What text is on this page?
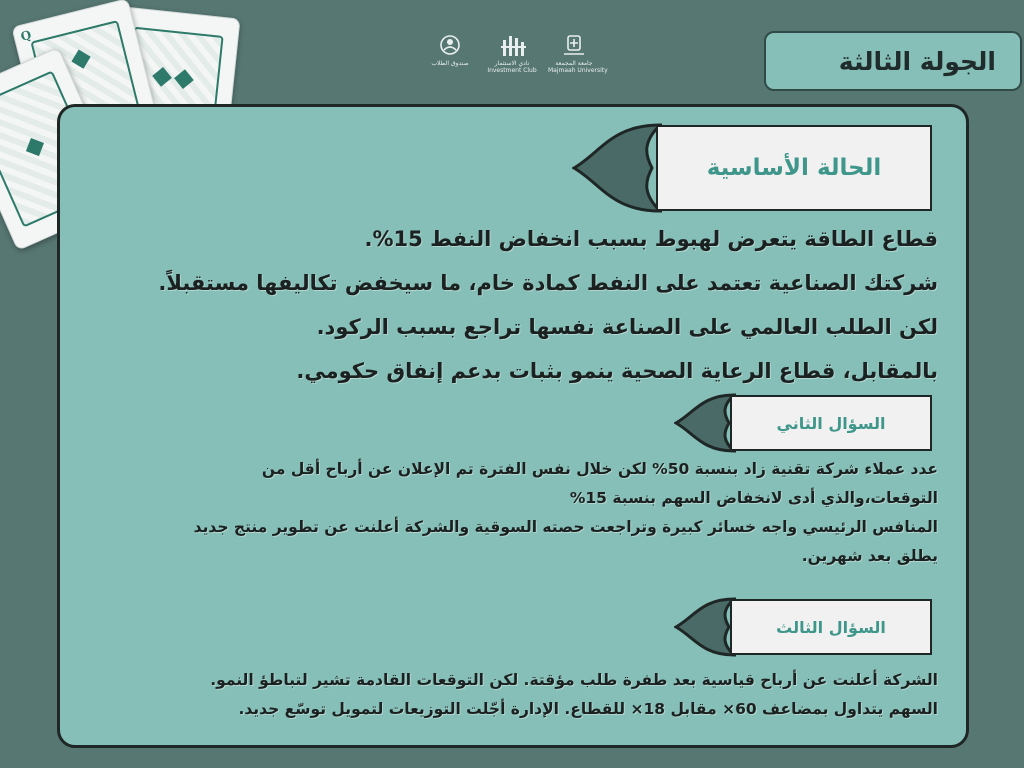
Q
جامعة المجمعة
Majmaah University
نادي الاستثمار
Investment Club
صندوق الطلاب	الجولة الثالثة
الحالة الأساسية
قطاع الطاقة يتعرض لهبوط بسبب انخفاض النفط 15%.
شركتك الصناعية تعتمد على النفط كمادة خام، ما سيخفض تكاليفها مستقبلاً.
لكن الطلب العالمي على الصناعة نفسها تراجع بسبب الركود.
بالمقابل، قطاع الرعاية الصحية ينمو بثبات بدعم إنفاق حكومي.
السؤال الثاني
عدد عملاء شركة تقنية زاد بنسبة 50% لكن خلال نفس الفترة تم الإعلان عن أرباح أقل من
التوقعات،والذي أدى لانخفاض السهم بنسبة 15%
المنافس الرئيسي واجه خسائر كبيرة وتراجعت حصته السوقية والشركة أعلنت عن تطوير منتج جديد
يطلق بعد شهرين.
السؤال الثالث
الشركة أعلنت عن أرباح قياسية بعد طفرة طلب مؤقتة. لكن التوقعات القادمة تشير لتباطؤ النمو.
السهم يتداول بمضاعف 60× مقابل 18× للقطاع. الإدارة أجّلت التوزيعات لتمويل توسّع جديد.
